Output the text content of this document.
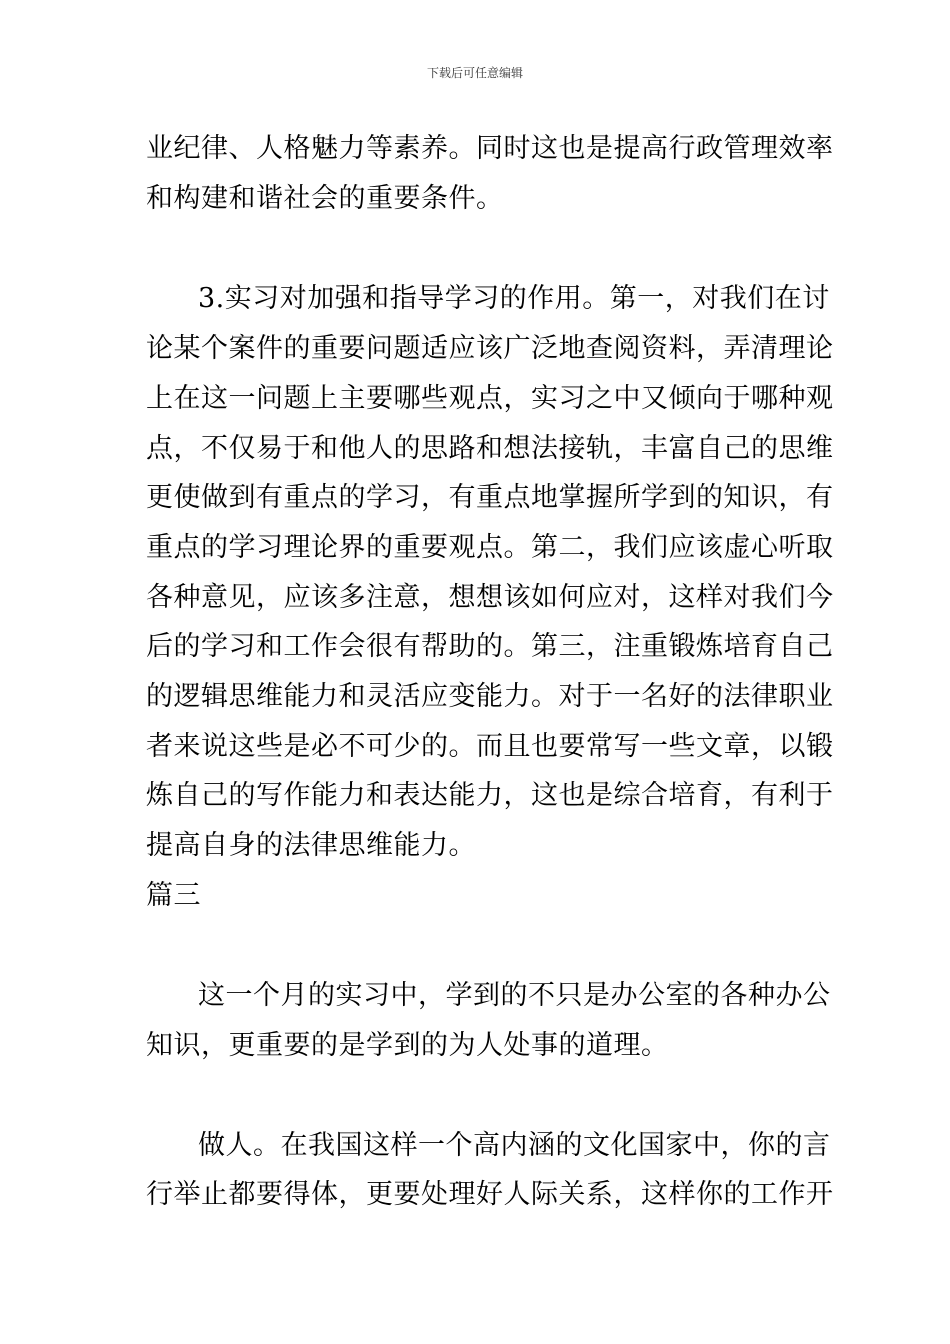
下载后可任意编辑
业纪律、人格魅力等素养。同时这也是提高行政管理效率
和构建和谐社会的重要条件。
3.实习对加强和指导学习的作用。第一，对我们在讨
论某个案件的重要问题适应该广泛地查阅资料，弄清理论
上在这一问题上主要哪些观点，实习之中又倾向于哪种观
点，不仅易于和他人的思路和想法接轨，丰富自己的思维
更使做到有重点的学习，有重点地掌握所学到的知识，有
重点的学习理论界的重要观点。第二，我们应该虚心听取
各种意见，应该多注意，想想该如何应对，这样对我们今
后的学习和工作会很有帮助的。第三，注重锻炼培育自己
的逻辑思维能力和灵活应变能力。对于一名好的法律职业
者来说这些是必不可少的。而且也要常写一些文章，以锻
炼自己的写作能力和表达能力，这也是综合培育，有利于
提高自身的法律思维能力。
篇三
这一个月的实习中，学到的不只是办公室的各种办公
知识，更重要的是学到的为人处事的道理。
做人。在我国这样一个高内涵的文化国家中，你的言
行举止都要得体，更要处理好人际关系，这样你的工作开
